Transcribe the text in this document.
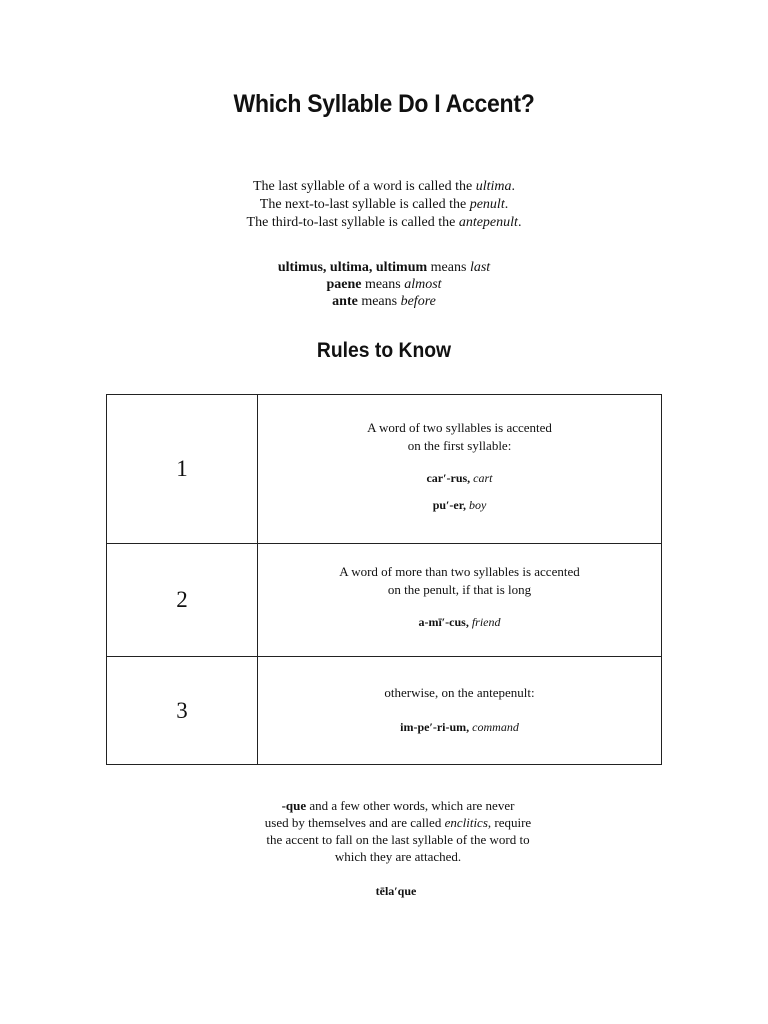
Which Syllable Do I Accent?
The last syllable of a word is called the ultima.
The next-to-last syllable is called the penult.
The third-to-last syllable is called the antepenult.
ultimus, ultima, ultimum means last
paene means almost
ante means before
Rules to Know
1
A word of two syllables is accented
on the first syllable:
car′-rus, cart
pu′-er, boy
2
A word of more than two syllables is accented
on the penult, if that is long
a-mī′-cus, friend
3
otherwise, on the antepenult:
im-pe′-ri-um, command
-que and a few other words, which are never
used by themselves and are called enclitics, require
the accent to fall on the last syllable of the word to
which they are attached.
tēla′que
